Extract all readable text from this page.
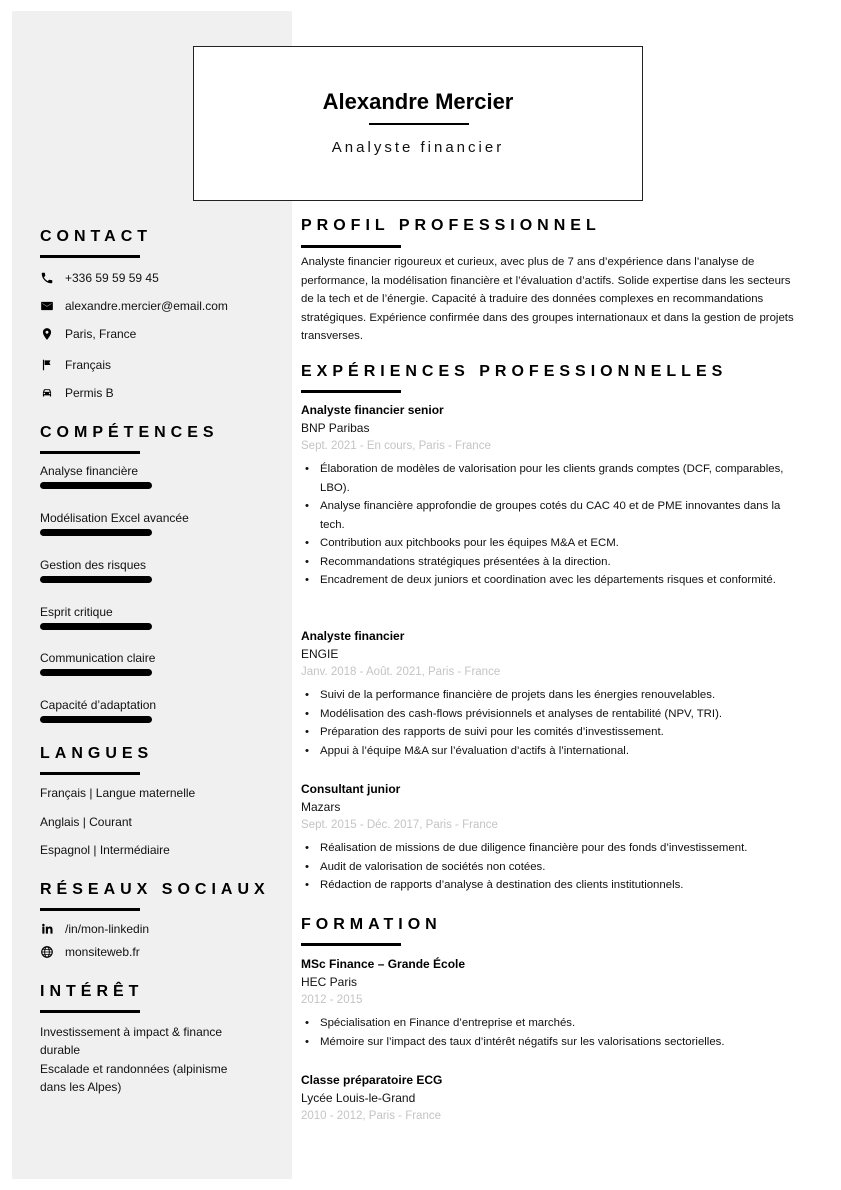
Alexandre Mercier
Analyste financier
CONTACT
+336 59 59 59 45
alexandre.mercier@email.com
Paris, France
Français
Permis B
COMPÉTENCES
Analyse financière
Modélisation Excel avancée
Gestion des risques
Esprit critique
Communication claire
Capacité d’adaptation
LANGUES
Français | Langue maternelle
Anglais | Courant
Espagnol | Intermédiaire
RÉSEAUX SOCIAUX
/in/mon-linkedin
monsiteweb.fr
INTÉRÊT
Investissement à impact & finance durable
Escalade et randonnées (alpinisme dans les Alpes)
PROFIL PROFESSIONNEL
Analyste financier rigoureux et curieux, avec plus de 7 ans d’expérience dans l’analyse de performance, la modélisation financière et l’évaluation d’actifs. Solide expertise dans les secteurs de la tech et de l’énergie. Capacité à traduire des données complexes en recommandations stratégiques. Expérience confirmée dans des groupes internationaux et dans la gestion de projets transverses.
EXPÉRIENCES PROFESSIONNELLES
Analyste financier senior
BNP Paribas
Sept. 2021 - En cours, Paris - France
• Élaboration de modèles de valorisation pour les clients grands comptes (DCF, comparables, LBO).
• Analyse financière approfondie de groupes cotés du CAC 40 et de PME innovantes dans la tech.
• Contribution aux pitchbooks pour les équipes M&A et ECM.
• Recommandations stratégiques présentées à la direction.
• Encadrement de deux juniors et coordination avec les départements risques et conformité.
Analyste financier
ENGIE
Janv. 2018 - Août. 2021, Paris - France
• Suivi de la performance financière de projets dans les énergies renouvelables.
• Modélisation des cash-flows prévisionnels et analyses de rentabilité (NPV, TRI).
• Préparation des rapports de suivi pour les comités d’investissement.
• Appui à l’équipe M&A sur l’évaluation d’actifs à l’international.
Consultant junior
Mazars
Sept. 2015 - Déc. 2017, Paris - France
• Réalisation de missions de due diligence financière pour des fonds d’investissement.
• Audit de valorisation de sociétés non cotées.
• Rédaction de rapports d’analyse à destination des clients institutionnels.
FORMATION
MSc Finance – Grande École
HEC Paris
2012 - 2015
• Spécialisation en Finance d’entreprise et marchés.
• Mémoire sur l’impact des taux d’intérêt négatifs sur les valorisations sectorielles.
Classe préparatoire ECG
Lycée Louis-le-Grand
2010 - 2012, Paris - France
